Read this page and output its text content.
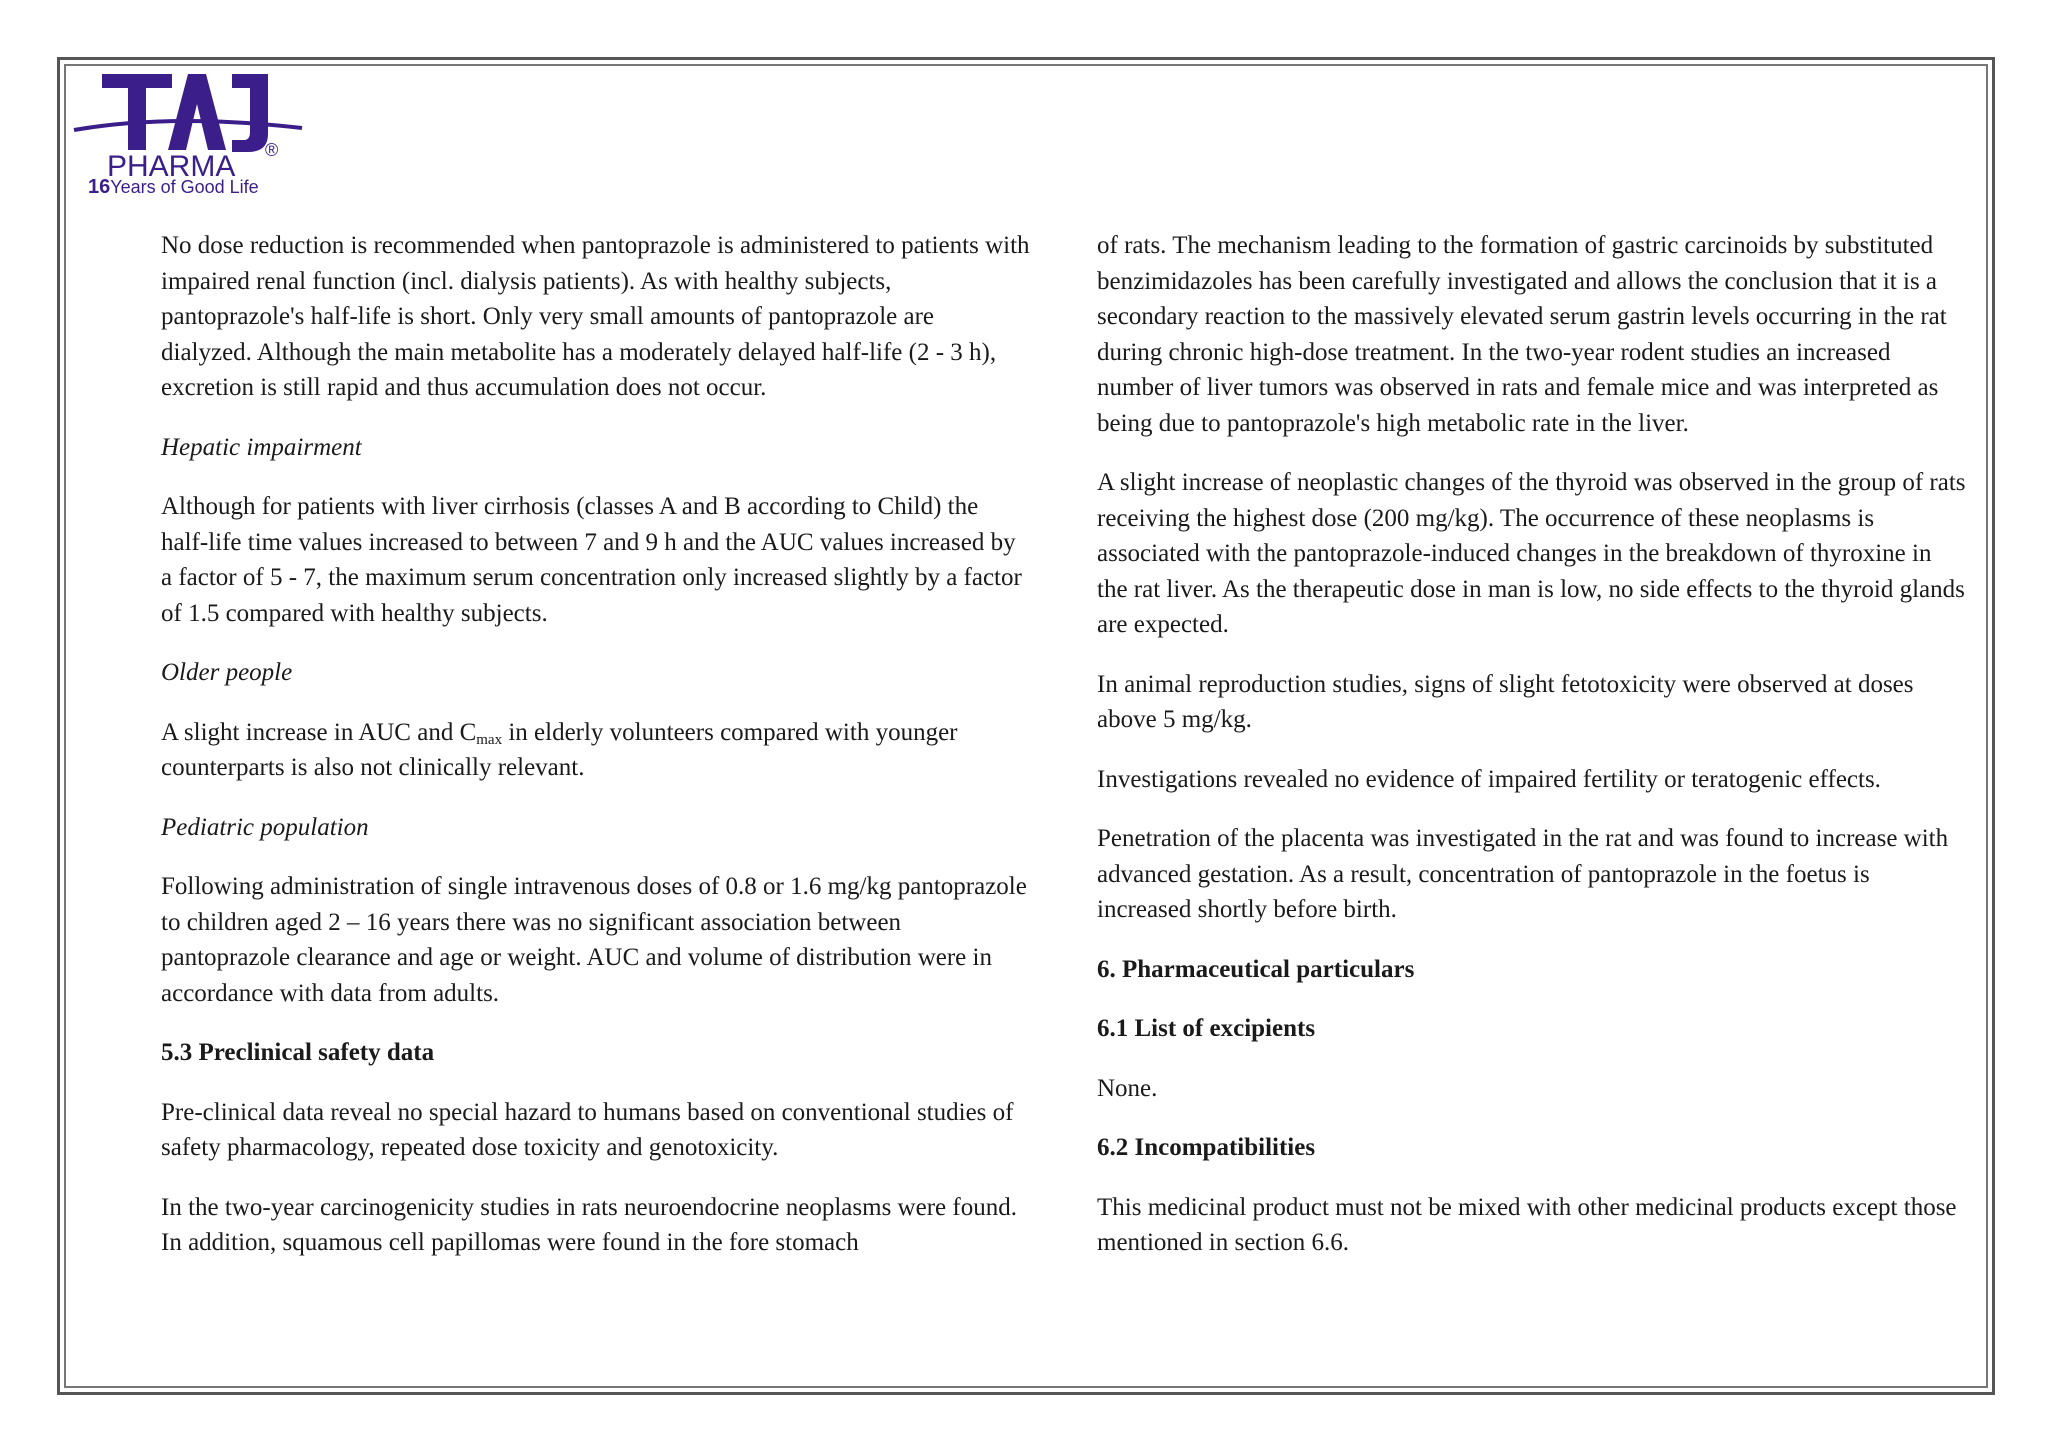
PHARMA ®
16Years of Good Life

No dose reduction is recommended when pantoprazole is administered to patients with impaired renal function (incl. dialysis patients). As with healthy subjects, pantoprazole's half-life is short. Only very small amounts of pantoprazole are dialyzed. Although the main metabolite has a moderately delayed half-life (2 - 3 h), excretion is still rapid and thus accumulation does not occur.

Hepatic impairment

Although for patients with liver cirrhosis (classes A and B according to Child) the half-life time values increased to between 7 and 9 h and the AUC values increased by a factor of 5 - 7, the maximum serum concentration only increased slightly by a factor of 1.5 compared with healthy subjects.

Older people

A slight increase in AUC and $C_{max}$ in elderly volunteers compared with younger counterparts is also not clinically relevant.

Pediatric population

Following administration of single intravenous doses of 0.8 or 1.6 mg/kg pantoprazole to children aged 2 – 16 years there was no significant association between pantoprazole clearance and age or weight. AUC and volume of distribution were in accordance with data from adults.

5.3 Preclinical safety data

Pre-clinical data reveal no special hazard to humans based on conventional studies of safety pharmacology, repeated dose toxicity and genotoxicity.

In the two-year carcinogenicity studies in rats neuroendocrine neoplasms were found. In addition, squamous cell papillomas were found in the fore stomach

of rats. The mechanism leading to the formation of gastric carcinoids by substituted benzimidazoles has been carefully investigated and allows the conclusion that it is a secondary reaction to the massively elevated serum gastrin levels occurring in the rat during chronic high-dose treatment. In the two-year rodent studies an increased number of liver tumors was observed in rats and female mice and was interpreted as being due to pantoprazole's high metabolic rate in the liver.

A slight increase of neoplastic changes of the thyroid was observed in the group of rats receiving the highest dose (200 mg/kg). The occurrence of these neoplasms is associated with the pantoprazole-induced changes in the breakdown of thyroxine in the rat liver. As the therapeutic dose in man is low, no side effects to the thyroid glands are expected.

In animal reproduction studies, signs of slight fetotoxicity were observed at doses above 5 mg/kg.

Investigations revealed no evidence of impaired fertility or teratogenic effects.

Penetration of the placenta was investigated in the rat and was found to increase with advanced gestation. As a result, concentration of pantoprazole in the foetus is increased shortly before birth.

6. Pharmaceutical particulars

6.1 List of excipients

None.

6.2 Incompatibilities

This medicinal product must not be mixed with other medicinal products except those mentioned in section 6.6.
